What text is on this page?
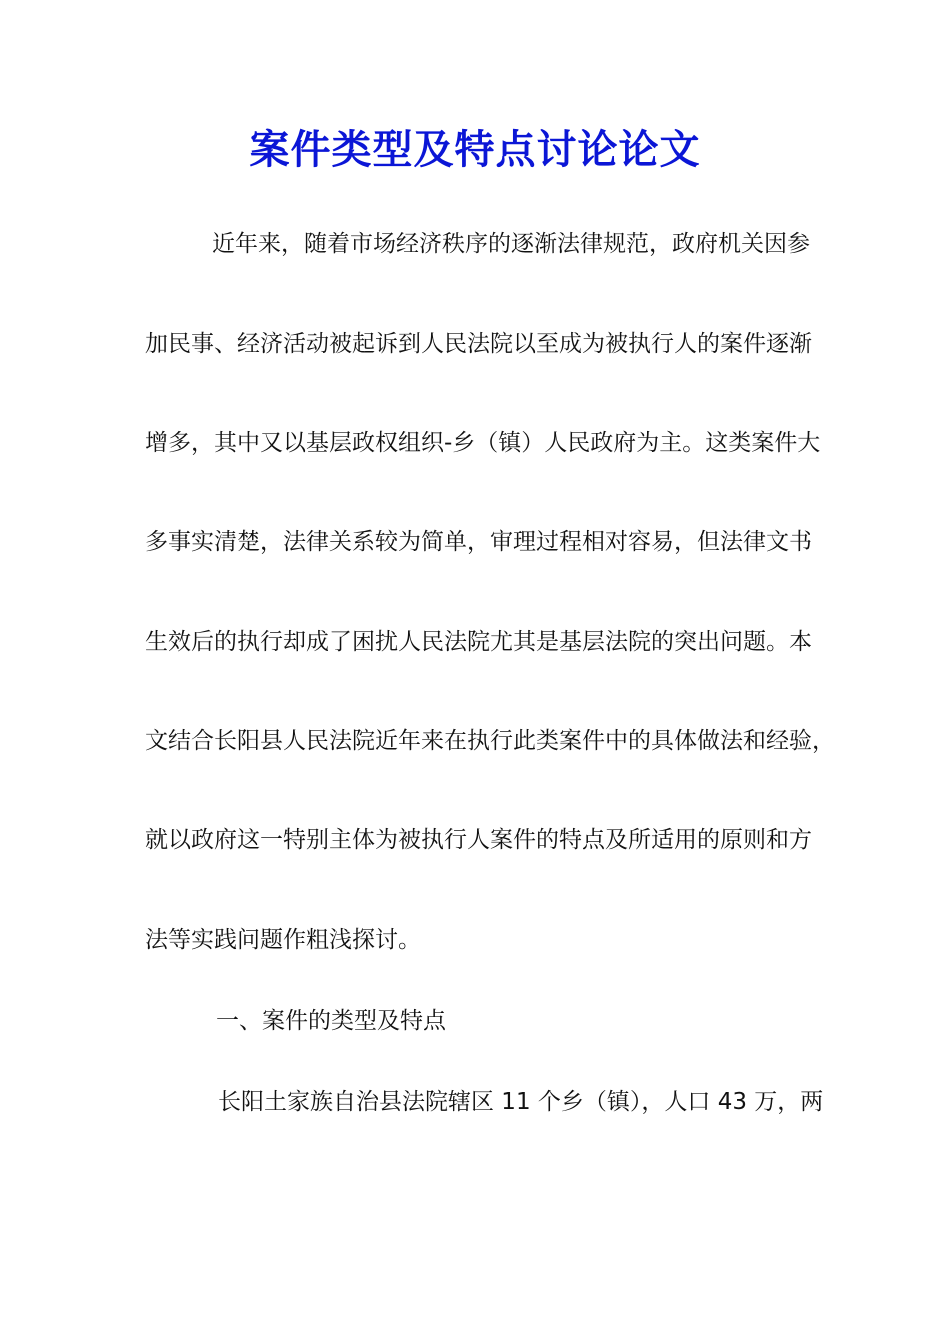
案件类型及特点讨论论文
近年来，随着市场经济秩序的逐渐法律规范，政府机关因参
加民事、经济活动被起诉到人民法院以至成为被执行人的案件逐渐
增多，其中又以基层政权组织-乡（镇）人民政府为主。这类案件大
多事实清楚，法律关系较为简单，审理过程相对容易，但法律文书
生效后的执行却成了困扰人民法院尤其是基层法院的突出问题。本
文结合长阳县人民法院近年来在执行此类案件中的具体做法和经验，
就以政府这一特别主体为被执行人案件的特点及所适用的原则和方
法等实践问题作粗浅探讨。
一、案件的类型及特点
长阳土家族自治县法院辖区 11 个乡（镇），人口 43 万，两
